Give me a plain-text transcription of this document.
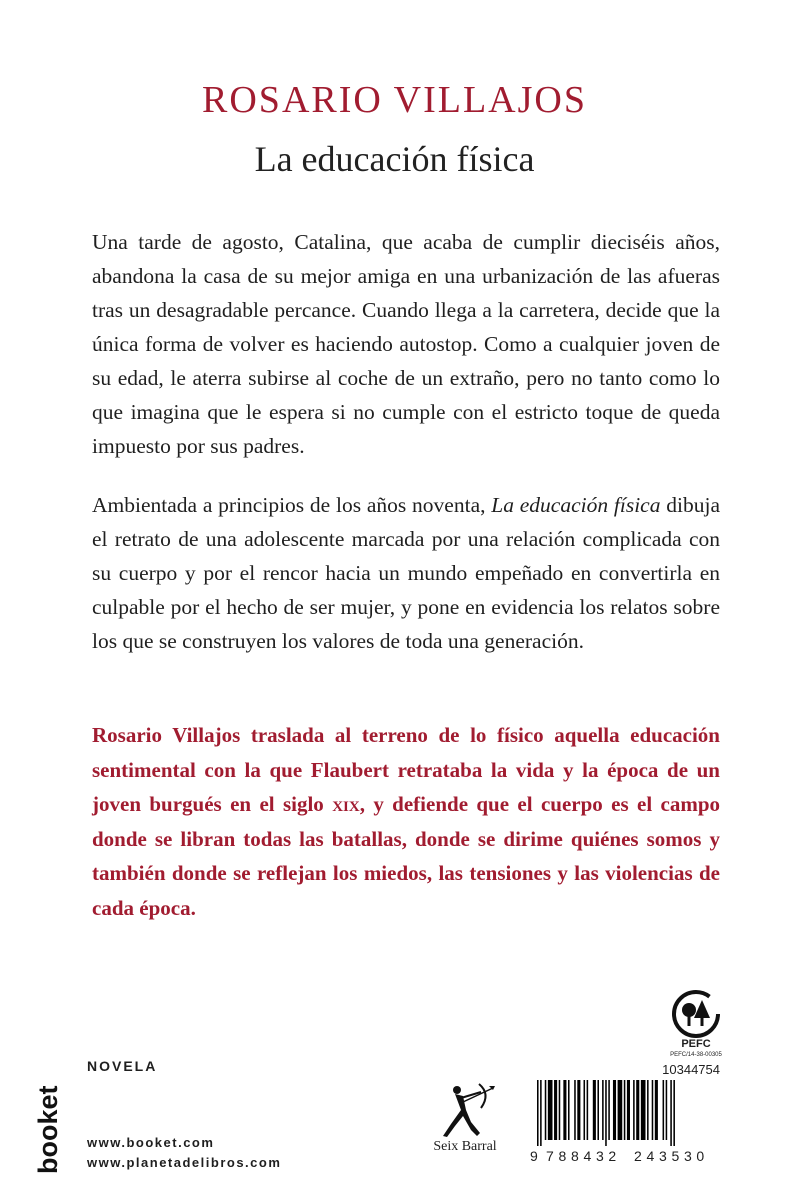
ROSARIO VILLAJOS
La educación física

Una tarde de agosto, Catalina, que acaba de cumplir dieciséis años, abandona la casa de su mejor amiga en una urbanización de las afueras tras un desagradable percance. Cuando llega a la carretera, decide que la única forma de volver es haciendo autostop. Como a cualquier joven de su edad, le aterra subirse al coche de un extraño, pero no tanto como lo que imagina que le espera si no cumple con el estricto toque de queda impuesto por sus padres.

Ambientada a principios de los años noventa, La educación física dibuja el retrato de una adolescente marcada por una relación complicada con su cuerpo y por el rencor hacia un mundo empeñado en convertirla en culpable por el hecho de ser mujer, y pone en evidencia los relatos sobre los que se construyen los valores de toda una generación.

Rosario Villajos traslada al terreno de lo físico aquella educación sentimental con la que Flaubert retrataba la vida y la época de un joven burgués en el siglo xix, y defiende que el cuerpo es el campo donde se libran todas las batallas, donde se dirime quiénes somos y también donde se reflejan los miedos, las tensiones y las violencias de cada época.

booket
NOVELA
www.booket.com
www.planetadelibros.com
Seix Barral
PEFC
PEFC/14-38-00305
10344754
9 788432 243530
